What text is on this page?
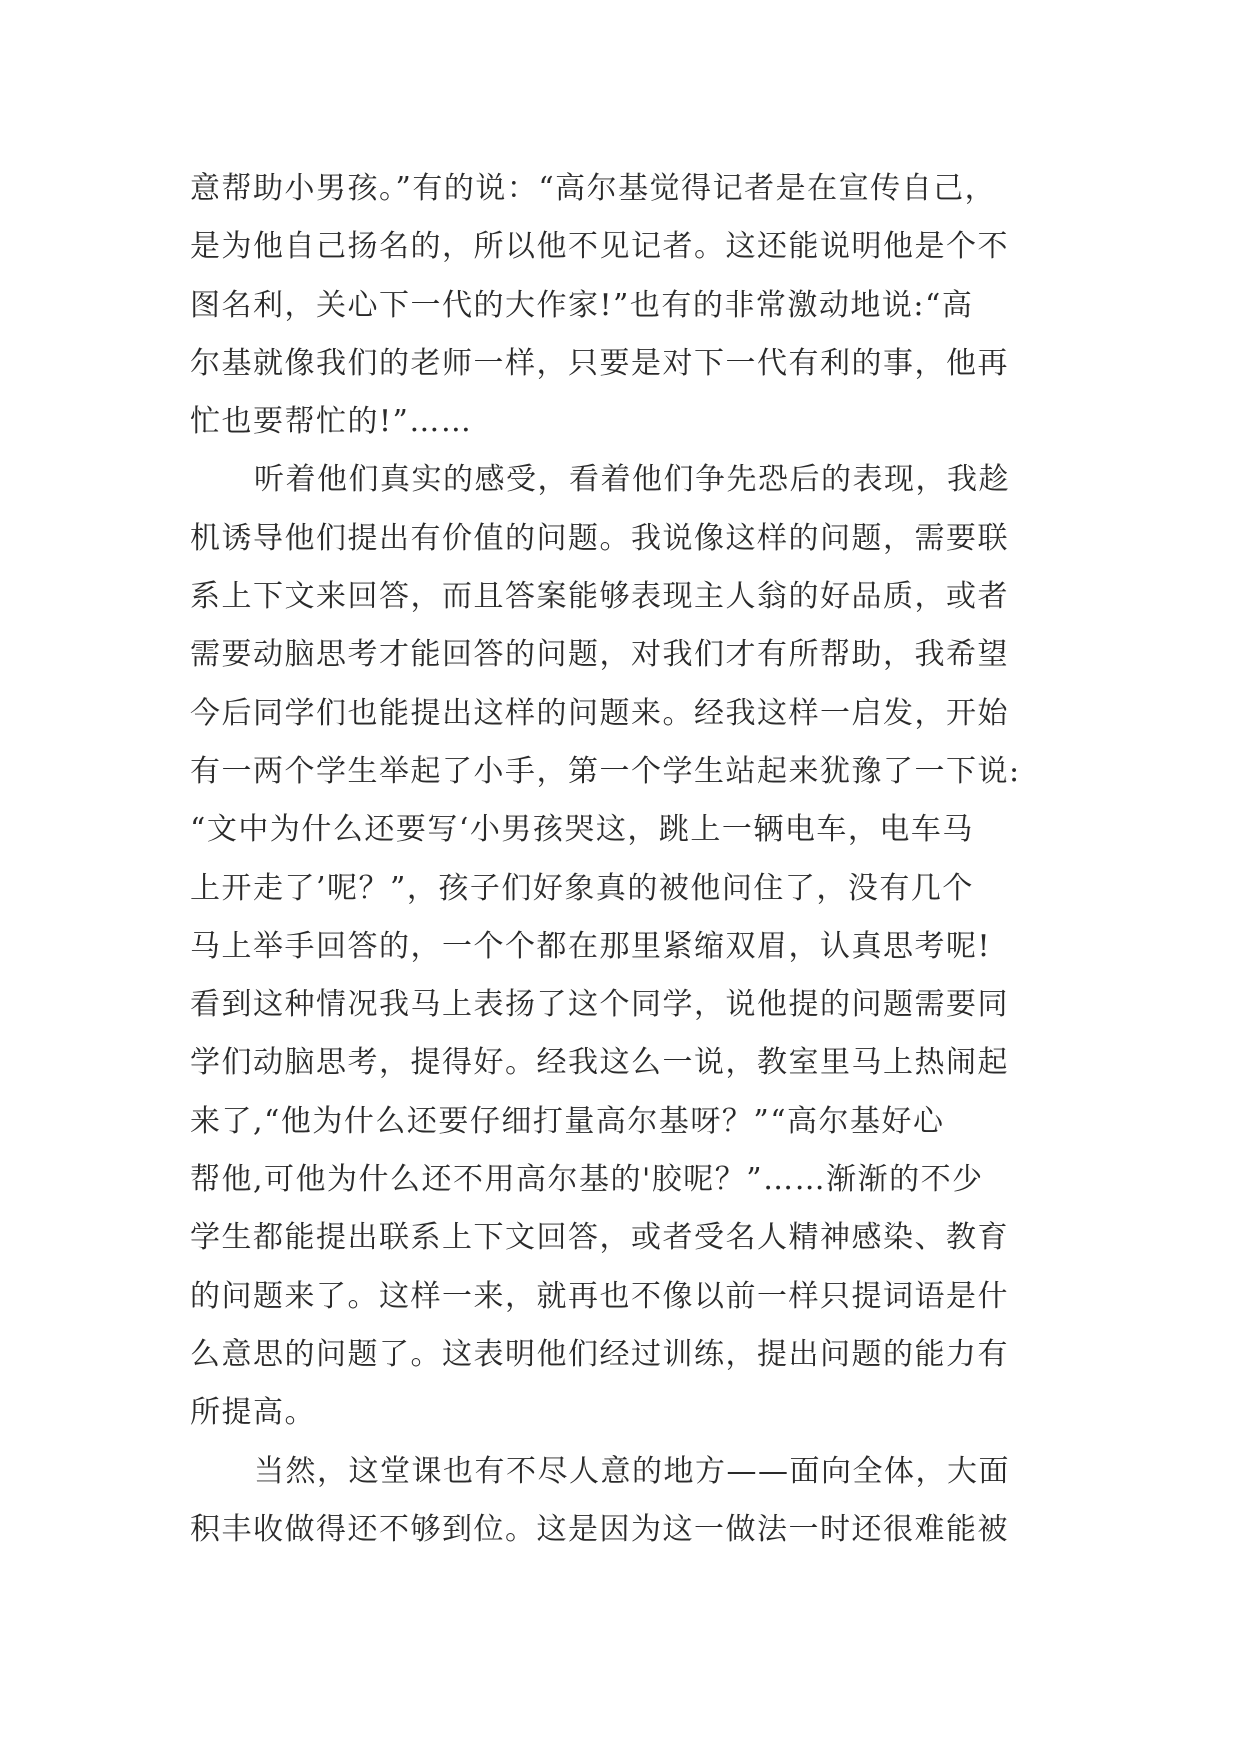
意帮助小男孩。”有的说：“高尔基觉得记者是在宣传自己，
是为他自己扬名的，所以他不见记者。这还能说明他是个不
图名利，关心下一代的大作家!”也有的非常激动地说:“高
尔基就像我们的老师一样，只要是对下一代有利的事，他再
忙也要帮忙的!”……
听着他们真实的感受，看着他们争先恐后的表现，我趁
机诱导他们提出有价值的问题。我说像这样的问题，需要联
系上下文来回答，而且答案能够表现主人翁的好品质，或者
需要动脑思考才能回答的问题，对我们才有所帮助，我希望
今后同学们也能提出这样的问题来。经我这样一启发，开始
有一两个学生举起了小手，第一个学生站起来犹豫了一下说:
“文中为什么还要写‘小男孩哭这，跳上一辆电车，电车马
上开走了’呢？”，孩子们好象真的被他问住了，没有几个
马上举手回答的，一个个都在那里紧缩双眉，认真思考呢!
看到这种情况我马上表扬了这个同学，说他提的问题需要同
学们动脑思考，提得好。经我这么一说，教室里马上热闹起
来了,“他为什么还要仔细打量高尔基呀？”“高尔基好心
帮他,可他为什么还不用高尔基的'胶呢？”……渐渐的不少
学生都能提出联系上下文回答，或者受名人精神感染、教育
的问题来了。这样一来，就再也不像以前一样只提词语是什
么意思的问题了。这表明他们经过训练，提出问题的能力有
所提高。
当然，这堂课也有不尽人意的地方——面向全体，大面
积丰收做得还不够到位。这是因为这一做法一时还很难能被
